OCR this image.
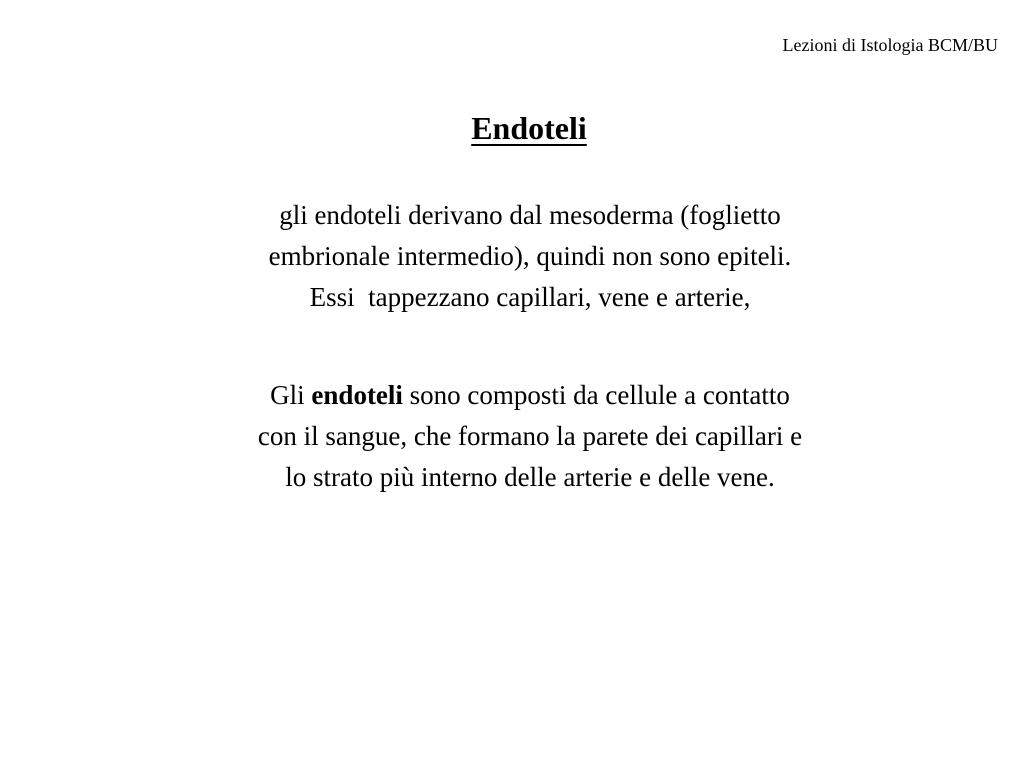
Lezioni di Istologia BCM/BU
Endoteli

gli endoteli derivano dal mesoderma (foglietto
embrionale intermedio), quindi non sono epiteli.
Essi  tappezzano capillari, vene e arterie,

Gli endoteli sono composti da cellule a contatto
con il sangue, che formano la parete dei capillari e
lo strato più interno delle arterie e delle vene.
